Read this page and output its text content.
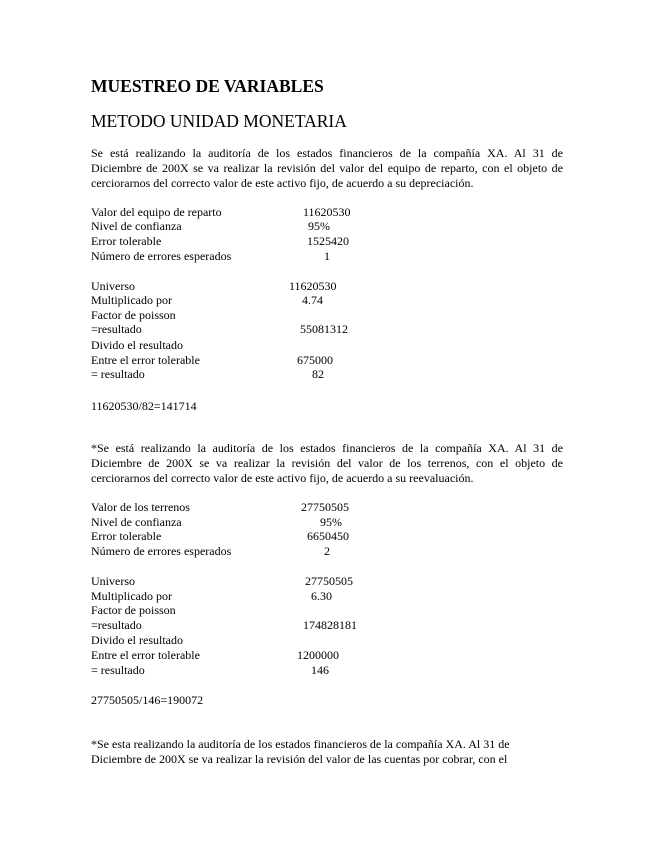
MUESTREO DE VARIABLES
METODO UNIDAD MONETARIA
Se está realizando la auditoría de los estados financieros de la compañía XA. Al 31 de
Diciembre de 200X se va realizar la revisión del valor del equipo de reparto, con el objeto de
cerciorarnos del correcto valor de este activo fijo, de acuerdo a su depreciación.
Valor del equipo de reparto	11620530
Nivel de confianza	95%
Error tolerable	1525420
Número de errores esperados	1
Universo	11620530
Multiplicado por	4.74
Factor de poisson
=resultado	55081312
Divido el resultado
Entre el error tolerable	675000
= resultado	82
11620530/82=141714
*Se está realizando la auditoría de los estados financieros de la compañía XA. Al 31 de
Diciembre de 200X se va realizar la revisión del valor de los terrenos, con el objeto de
cerciorarnos del correcto valor de este activo fijo, de acuerdo a su reevaluación.
Valor de los terrenos	27750505
Nivel de confianza	95%
Error tolerable	6650450
Número de errores esperados	2
Universo	27750505
Multiplicado por	6.30
Factor de poisson
=resultado	174828181
Divido el resultado
Entre el error tolerable	1200000
= resultado	146
27750505/146=190072
*Se esta realizando la auditoría de los estados financieros de la compañía XA. Al 31 de
Diciembre de 200X se va realizar la revisión del valor de las cuentas por cobrar, con el
